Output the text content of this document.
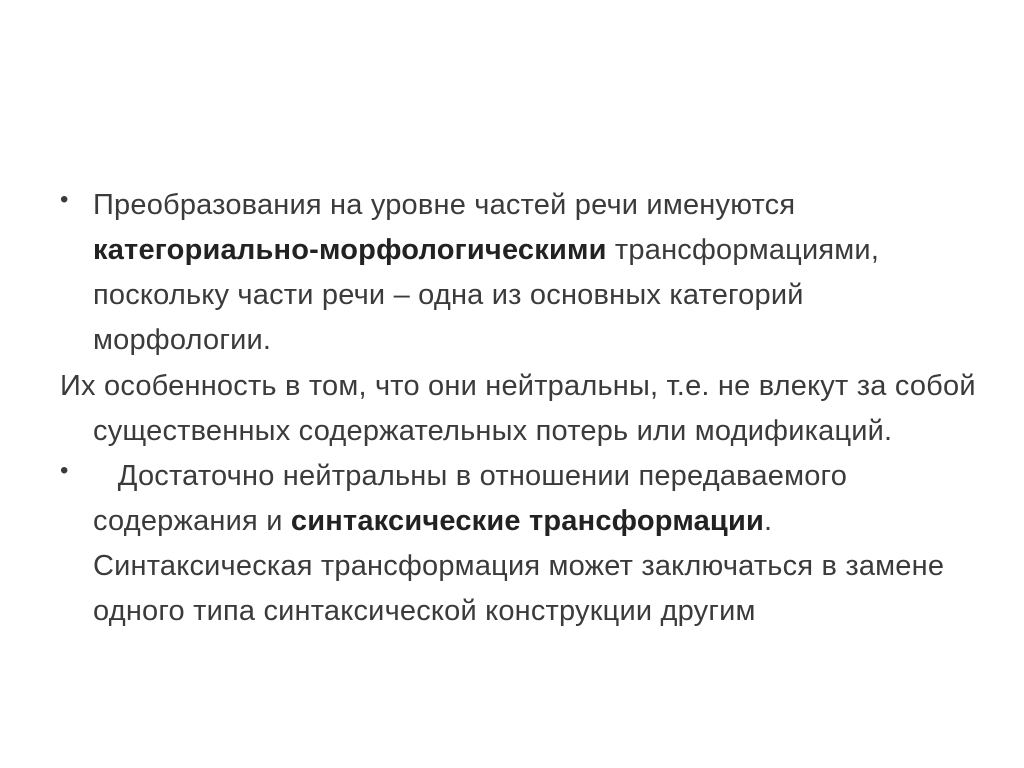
• Преобразования на уровне частей речи именуются категориально-морфологическими трансформациями, поскольку части речи – одна из основных категорий морфологии.

Их особенность в том, что они нейтральны, т.е. не влекут за собой существенных содержательных потерь или модификаций.

• Достаточно нейтральны в отношении передаваемого содержания и синтаксические трансформации. Синтаксическая трансформация может заключаться в замене одного типа синтаксической конструкции другим
